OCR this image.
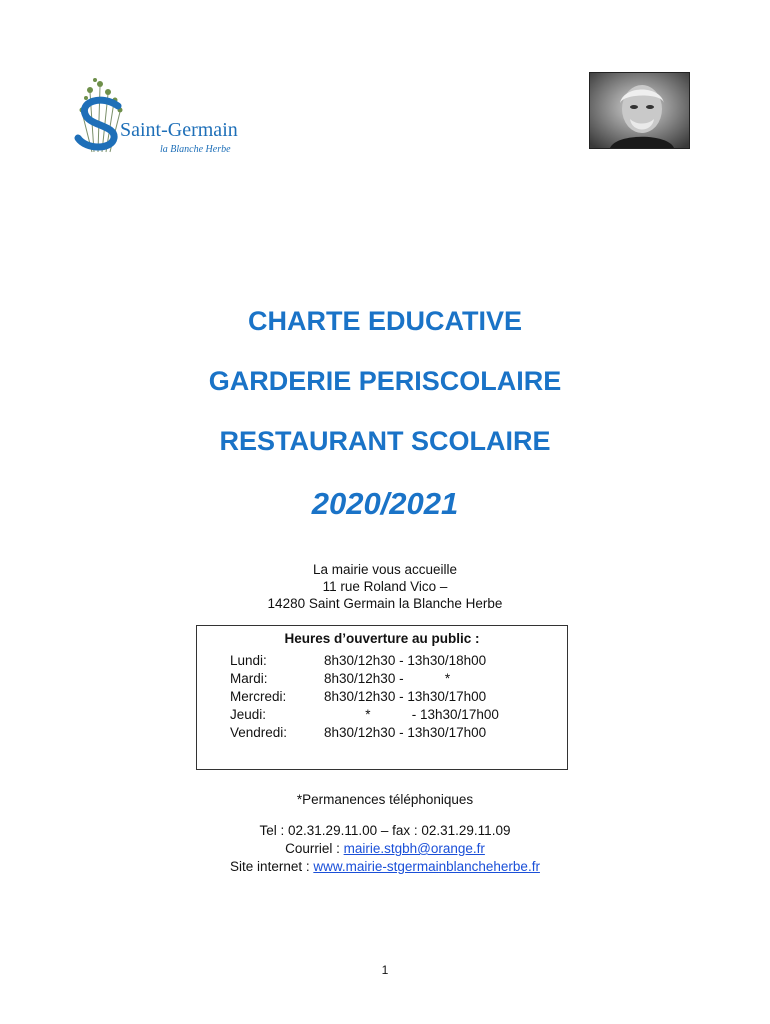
Saint-Germain
la Blanche Herbe
CHARTE EDUCATIVE
GARDERIE PERISCOLAIRE
RESTAURANT SCOLAIRE
2020/2021
La mairie vous accueille
11 rue Roland Vico –
14280 Saint Germain la Blanche Herbe
Heures d’ouverture au public :
Lundi:	8h30/12h30 - 13h30/18h00
Mardi:	8h30/12h30 -           *
Mercredi:	8h30/12h30 - 13h30/17h00
Jeudi:	*           - 13h30/17h00
Vendredi:	8h30/12h30 - 13h30/17h00
*Permanences téléphoniques
Tel : 02.31.29.11.00 – fax : 02.31.29.11.09
Courriel : mairie.stgbh@orange.fr
Site internet : www.mairie-stgermainblancheherbe.fr
1
